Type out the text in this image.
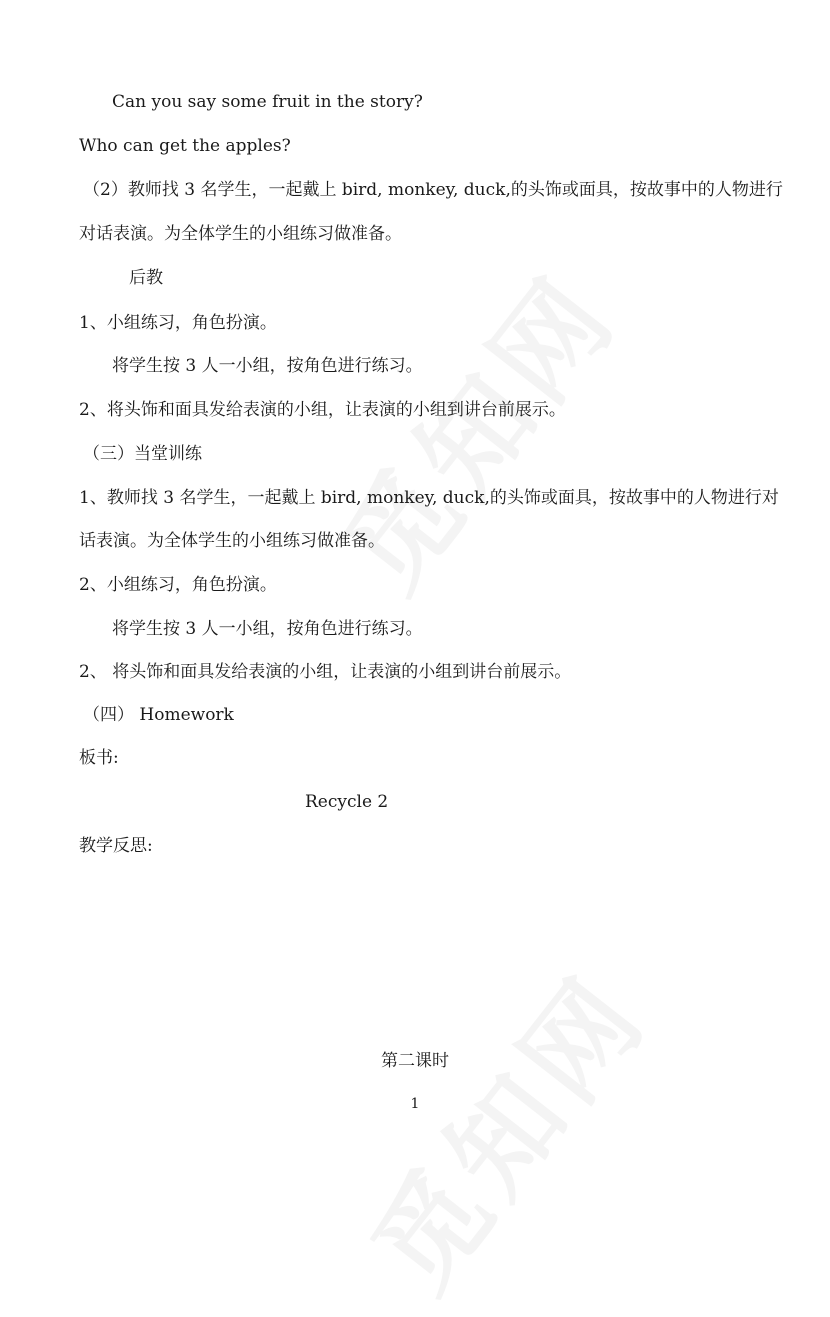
Can you say some fruit in the story?
Who can get the apples?
（2）教师找 3 名学生，一起戴上 bird, monkey, duck,的头饰或面具，按故事中的人物进行
对话表演。为全体学生的小组练习做准备。
后教
1、小组练习，角色扮演。
将学生按 3 人一小组，按角色进行练习。
2、将头饰和面具发给表演的小组，让表演的小组到讲台前展示。
（三）当堂训练
1、教师找 3 名学生，一起戴上 bird, monkey, duck,的头饰或面具，按故事中的人物进行对
话表演。为全体学生的小组练习做准备。
2、小组练习，角色扮演。
将学生按 3 人一小组，按角色进行练习。
2、 将头饰和面具发给表演的小组，让表演的小组到讲台前展示。
（四） Homework
板书:
Recycle 2
教学反思:
第二课时
1
